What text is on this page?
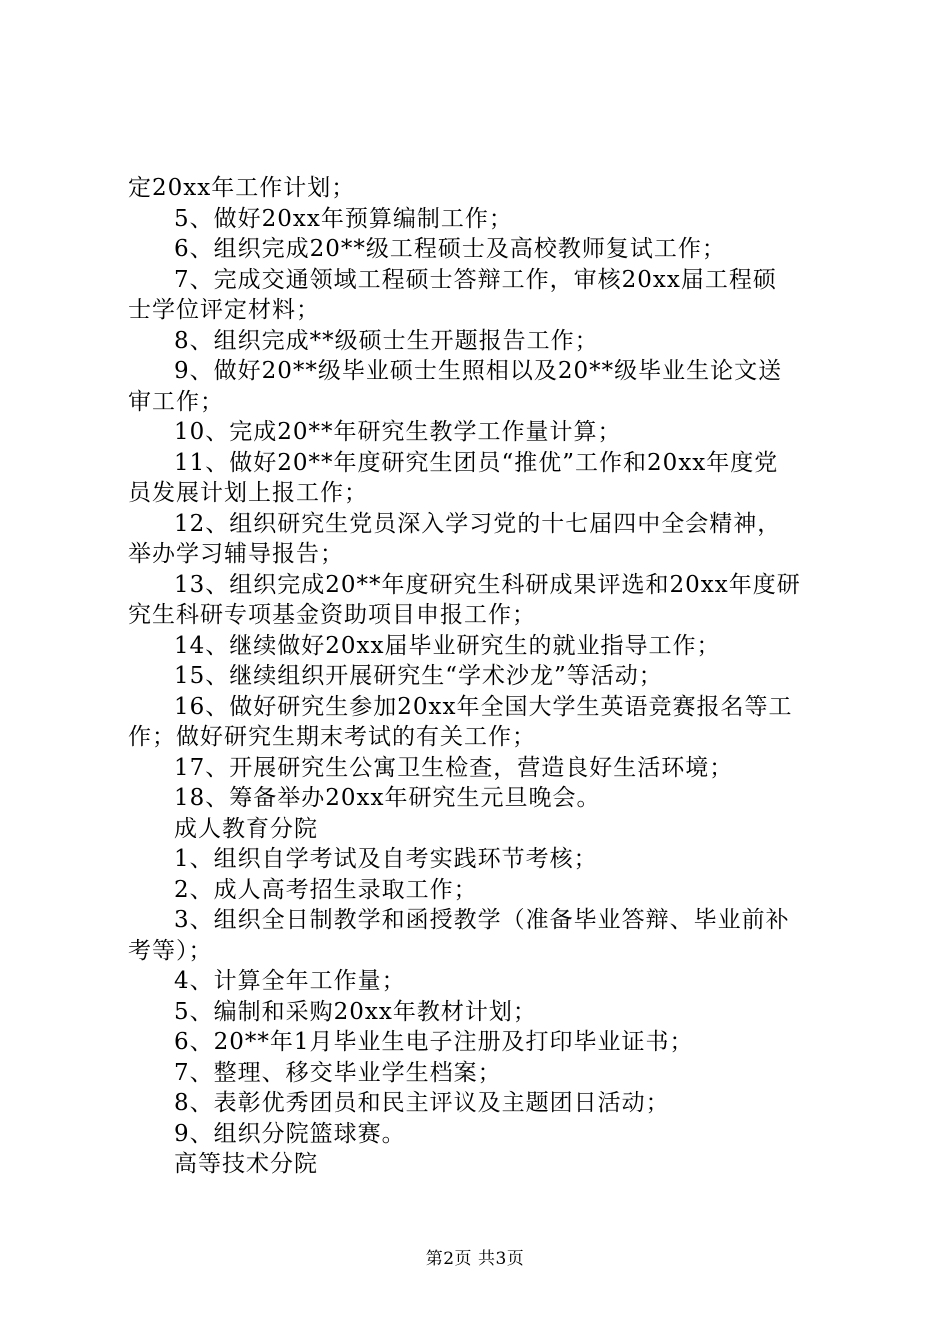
定20xx年工作计划；
5、做好20xx年预算编制工作；
6、组织完成20**级工程硕士及高校教师复试工作；
7、完成交通领域工程硕士答辩工作，审核20xx届工程硕
士学位评定材料；
8、组织完成**级硕士生开题报告工作；
9、做好20**级毕业硕士生照相以及20**级毕业生论文送
审工作；
10、完成20**年研究生教学工作量计算；
11、做好20**年度研究生团员“推优”工作和20xx年度党
员发展计划上报工作；
12、组织研究生党员深入学习党的十七届四中全会精神，
举办学习辅导报告；
13、组织完成20**年度研究生科研成果评选和20xx年度研
究生科研专项基金资助项目申报工作；
14、继续做好20xx届毕业研究生的就业指导工作；
15、继续组织开展研究生“学术沙龙”等活动；
16、做好研究生参加20xx年全国大学生英语竞赛报名等工
作；做好研究生期末考试的有关工作；
17、开展研究生公寓卫生检查，营造良好生活环境；
18、筹备举办20xx年研究生元旦晚会。
成人教育分院
1、组织自学考试及自考实践环节考核；
2、成人高考招生录取工作；
3、组织全日制教学和函授教学（准备毕业答辩、毕业前补
考等）；
4、计算全年工作量；
5、编制和采购20xx年教材计划；
6、20**年1月毕业生电子注册及打印毕业证书；
7、整理、移交毕业学生档案；
8、表彰优秀团员和民主评议及主题团日活动；
9、组织分院篮球赛。
高等技术分院
第2页 共3页
